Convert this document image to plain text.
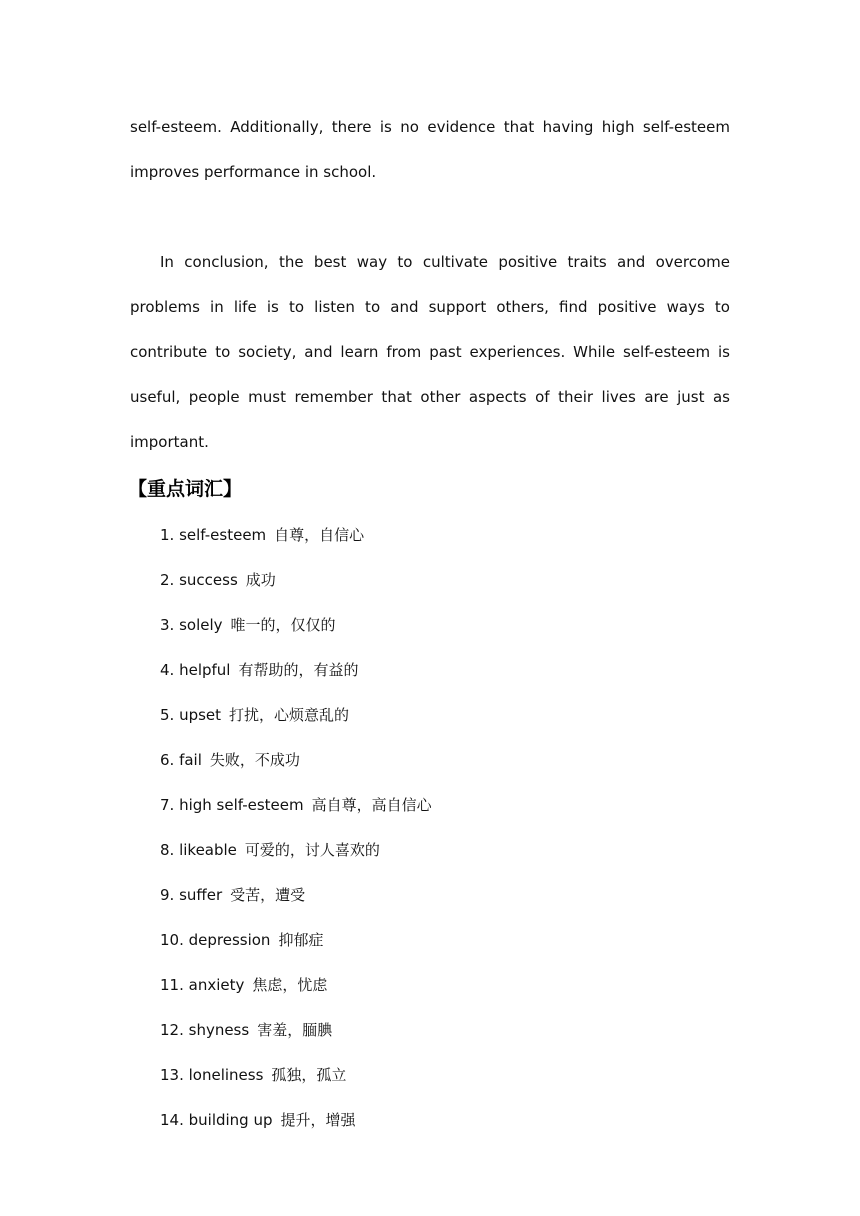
self-esteem. Additionally, there is no evidence that having high self-esteem improves performance in school.

In conclusion, the best way to cultivate positive traits and overcome problems in life is to listen to and support others, find positive ways to contribute to society, and learn from past experiences. While self-esteem is useful, people must remember that other aspects of their lives are just as important.

【重点词汇】
1. self-esteem 自尊，自信心
2. success 成功
3. solely 唯一的，仅仅的
4. helpful 有帮助的，有益的
5. upset 打扰，心烦意乱的
6. fail 失败，不成功
7. high self-esteem 高自尊，高自信心
8. likeable 可爱的，讨人喜欢的
9. suffer 受苦，遭受
10. depression 抑郁症
11. anxiety 焦虑，忧虑
12. shyness 害羞，腼腆
13. loneliness 孤独，孤立
14. building up 提升，增强
